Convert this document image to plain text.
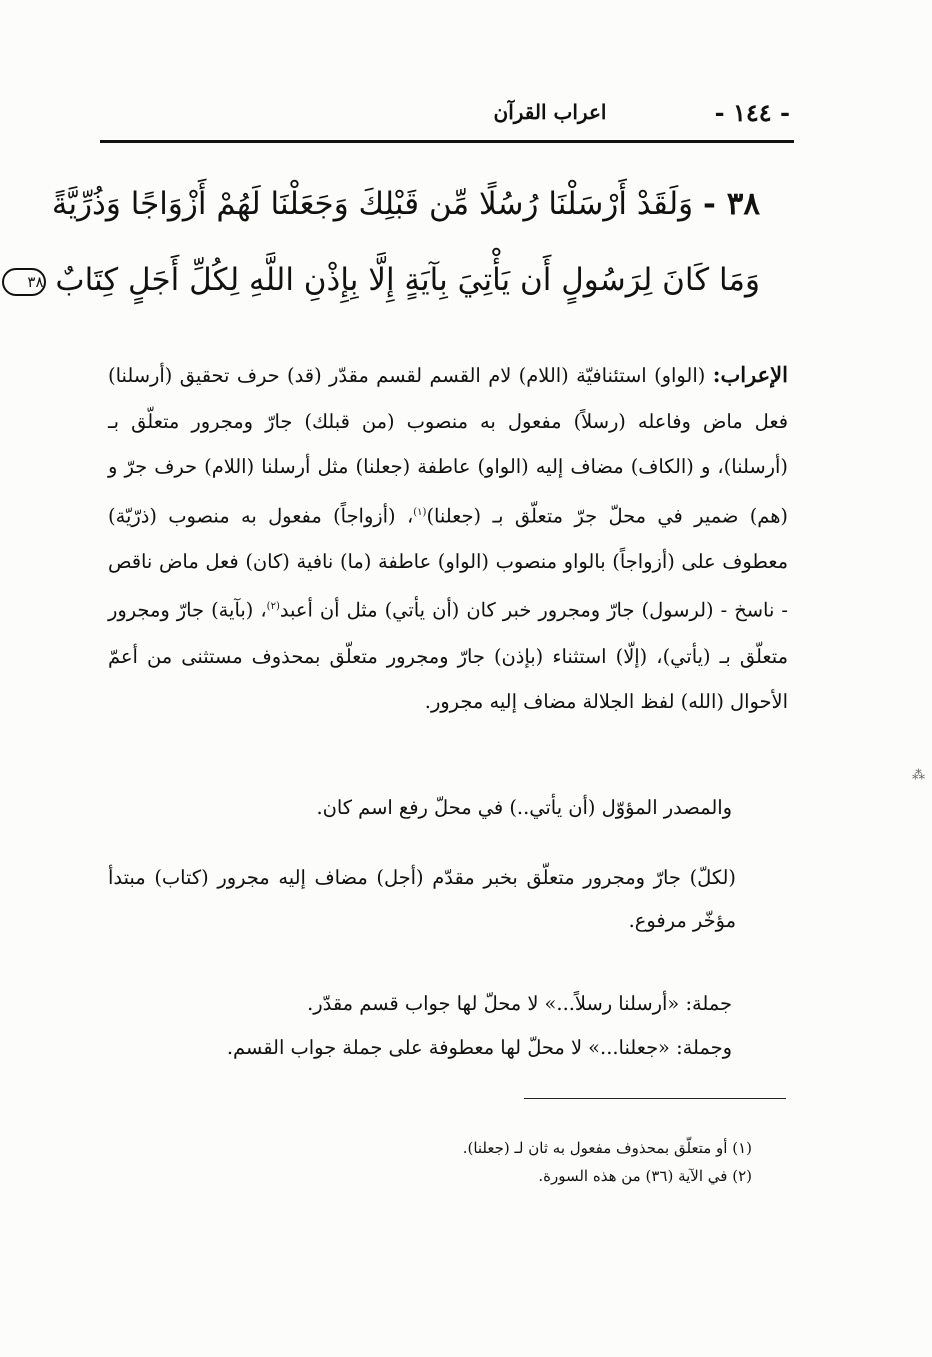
- ١٤٤ -
اعراب القرآن
٣٨ - وَلَقَدْ أَرْسَلْنَا رُسُلًا مِّن قَبْلِكَ وَجَعَلْنَا لَهُمْ أَزْوَاجًا وَذُرِّيَّةً
وَمَا كَانَ لِرَسُولٍ أَن يَأْتِيَ بِآيَةٍ إِلَّا بِإِذْنِ اللَّهِ لِكُلِّ أَجَلٍ كِتَابٌ ٣٨
الإعراب: (الواو) استئنافيّة (اللام) لام القسم لقسم مقدّر (قد) حرف تحقيق (أرسلنا) فعل ماض وفاعله (رسلاً) مفعول به منصوب (من قبلك) جارّ ومجرور متعلّق بـ (أرسلنا)، و (الكاف) مضاف إليه (الواو) عاطفة (جعلنا) مثل أرسلنا (اللام) حرف جرّ و (هم) ضمير في محلّ جرّ متعلّق بـ (جعلنا)$^{(١)}$، (أزواجاً) مفعول به منصوب (ذرّيّة) معطوف على (أزواجاً) بالواو منصوب (الواو) عاطفة (ما) نافية (كان) فعل ماض ناقص - ناسخ - (لرسول) جارّ ومجرور خبر كان (أن يأتي) مثل أن أعبد$^{(٢)}$، (بآية) جارّ ومجرور متعلّق بـ (يأتي)، (إلّا) استثناء (بإذن) جارّ ومجرور متعلّق بمحذوف مستثنى من أعمّ الأحوال (الله) لفظ الجلالة مضاف إليه مجرور.
والمصدر المؤوّل (أن يأتي..) في محلّ رفع اسم كان.
(لكلّ) جارّ ومجرور متعلّق بخبر مقدّم (أجل) مضاف إليه مجرور (كتاب) مبتدأ مؤخّر مرفوع.
جملة: «أرسلنا رسلاً...» لا محلّ لها جواب قسم مقدّر.
وجملة: «جعلنا...» لا محلّ لها معطوفة على جملة جواب القسم.
(١) أو متعلّق بمحذوف مفعول به ثان لـ (جعلنا).
(٢) في الآية (٣٦) من هذه السورة.
⁂
